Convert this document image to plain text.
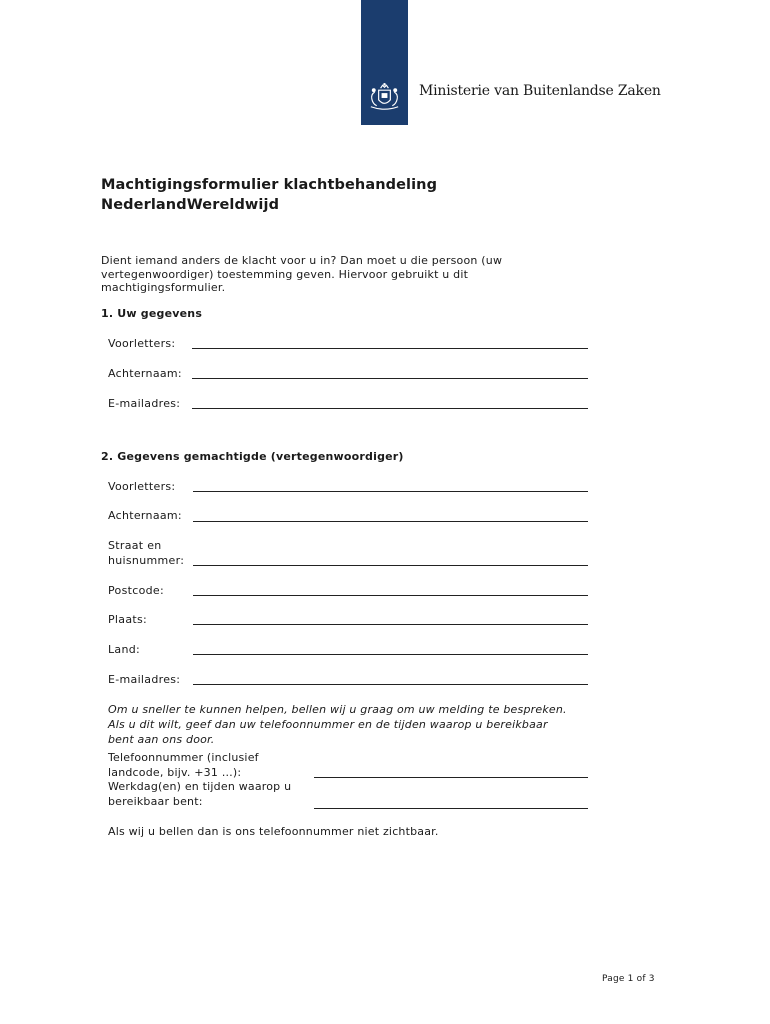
Ministerie van Buitenlandse Zaken
Machtigingsformulier klachtbehandeling
NederlandWereldwijd
Dient iemand anders de klacht voor u in? Dan moet u die persoon (uw
vertegenwoordiger) toestemming geven. Hiervoor gebruikt u dit
machtigingsformulier.
1. Uw gegevens
Voorletters:
Achternaam:
E-mailadres:
2. Gegevens gemachtigde (vertegenwoordiger)
Voorletters:
Achternaam:
Straat en
huisnummer:
Postcode:
Plaats:
Land:
E-mailadres:
Om u sneller te kunnen helpen, bellen wij u graag om uw melding te bespreken.
Als u dit wilt, geef dan uw telefoonnummer en de tijden waarop u bereikbaar
bent aan ons door.
Telefoonnummer (inclusief
landcode, bijv. +31 …):
Werkdag(en) en tijden waarop u
bereikbaar bent:
Als wij u bellen dan is ons telefoonnummer niet zichtbaar.
Page 1 of 3
